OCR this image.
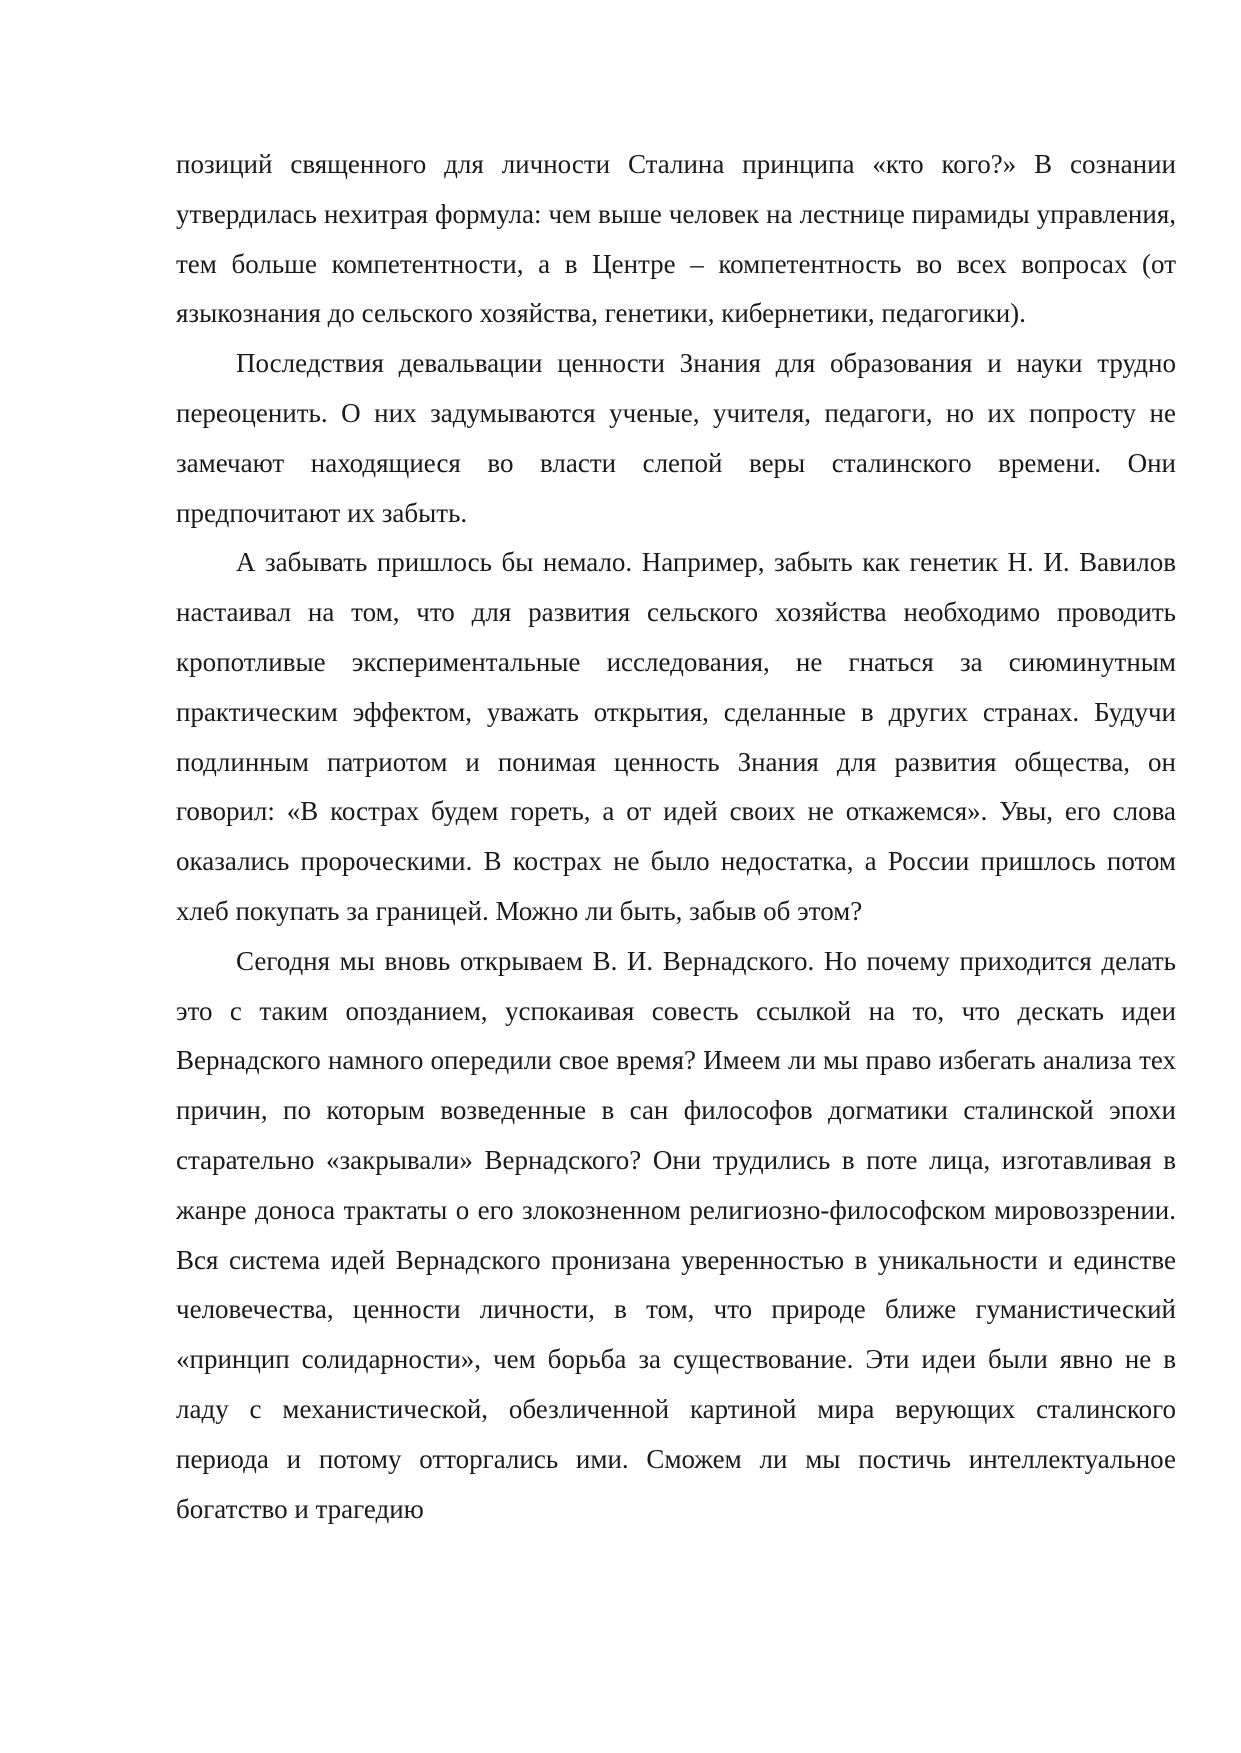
позиций священного для личности Сталина принципа «кто кого?» В сознании утвердилась нехитрая формула: чем выше человек на лестнице пирамиды управления, тем больше компетентности, а в Центре – компетентность во всех вопросах (от языкознания до сельского хозяйства, генетики, кибернетики, педагогики).

Последствия девальвации ценности Знания для образования и науки трудно переоценить. О них задумываются ученые, учителя, педагоги, но их попросту не замечают находящиеся во власти слепой веры сталинского времени. Они предпочитают их забыть.

А забывать пришлось бы немало. Например, забыть как генетик Н. И. Вавилов настаивал на том, что для развития сельского хозяйства необходимо проводить кропотливые экспериментальные исследования, не гнаться за сиюминутным практическим эффектом, уважать открытия, сделанные в других странах. Будучи подлинным патриотом и понимая ценность Знания для развития общества, он говорил: «В кострах будем гореть, а от идей своих не откажемся». Увы, его слова оказались пророческими. В кострах не было недостатка, а России пришлось потом хлеб покупать за границей. Можно ли быть, забыв об этом?

Сегодня мы вновь открываем В. И. Вернадского. Но почему приходится делать это с таким опозданием, успокаивая совесть ссылкой на то, что дескать идеи Вернадского намного опередили свое время? Имеем ли мы право избегать анализа тех причин, по которым возведенные в сан философов догматики сталинской эпохи старательно «закрывали» Вернадского? Они трудились в поте лица, изготавливая в жанре доноса трактаты о его злокозненном религиозно-философском мировоззрении. Вся система идей Вернадского пронизана уверенностью в уникальности и единстве человечества, ценности личности, в том, что природе ближе гуманистический «принцип солидарности», чем борьба за существование. Эти идеи были явно не в ладу с механистической, обезличенной картиной мира верующих сталинского периода и потому отторгались ими. Сможем ли мы постичь интеллектуальное богатство и трагедию
